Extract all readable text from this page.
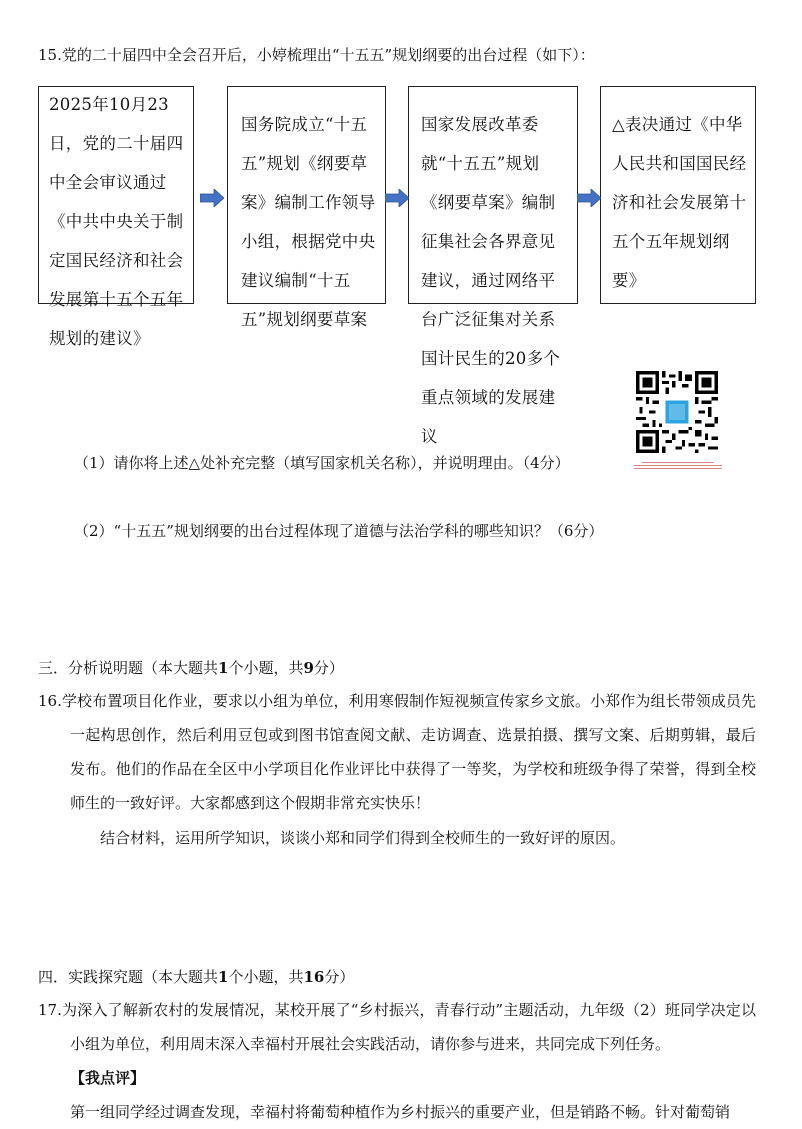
15.党的二十届四中全会召开后，小婷梳理出“十五五”规划纲要的出台过程（如下）：
2025年10月23日，党的二十届四中全会审议通过《中共中央关于制定国民经济和社会发展第十五个五年规划的建议》
国务院成立“十五五”规划《纲要草案》编制工作领导小组，根据党中央建议编制“十五五”规划纲要草案
国家发展改革委就“十五五”规划《纲要草案》编制征集社会各界意见建议，通过网络平台广泛征集对关系国计民生的20多个重点领域的发展建议
△表决通过《中华人民共和国国民经济和社会发展第十五个五年规划纲要》
（1）请你将上述△处补充完整（填写国家机关名称），并说明理由。（4分）
（2）“十五五”规划纲要的出台过程体现了道德与法治学科的哪些知识？（6分）
三．分析说明题（本大题共1个小题，共9分）
16.学校布置项目化作业，要求以小组为单位，利用寒假制作短视频宣传家乡文旅。小郑作为组长带领成员先一起构思创作，然后利用豆包或到图书馆查阅文献、走访调查、选景拍摄、撰写文案、后期剪辑，最后发布。他们的作品在全区中小学项目化作业评比中获得了一等奖，为学校和班级争得了荣誉，得到全校师生的一致好评。大家都感到这个假期非常充实快乐！
结合材料，运用所学知识，谈谈小郑和同学们得到全校师生的一致好评的原因。
四．实践探究题（本大题共1个小题，共16分）
17.为深入了解新农村的发展情况，某校开展了“乡村振兴，青春行动”主题活动，九年级（2）班同学决定以小组为单位，利用周末深入幸福村开展社会实践活动，请你参与进来，共同完成下列任务。
【我点评】
第一组同学经过调查发现，幸福村将葡萄种植作为乡村振兴的重要产业，但是销路不畅。针对葡萄销
